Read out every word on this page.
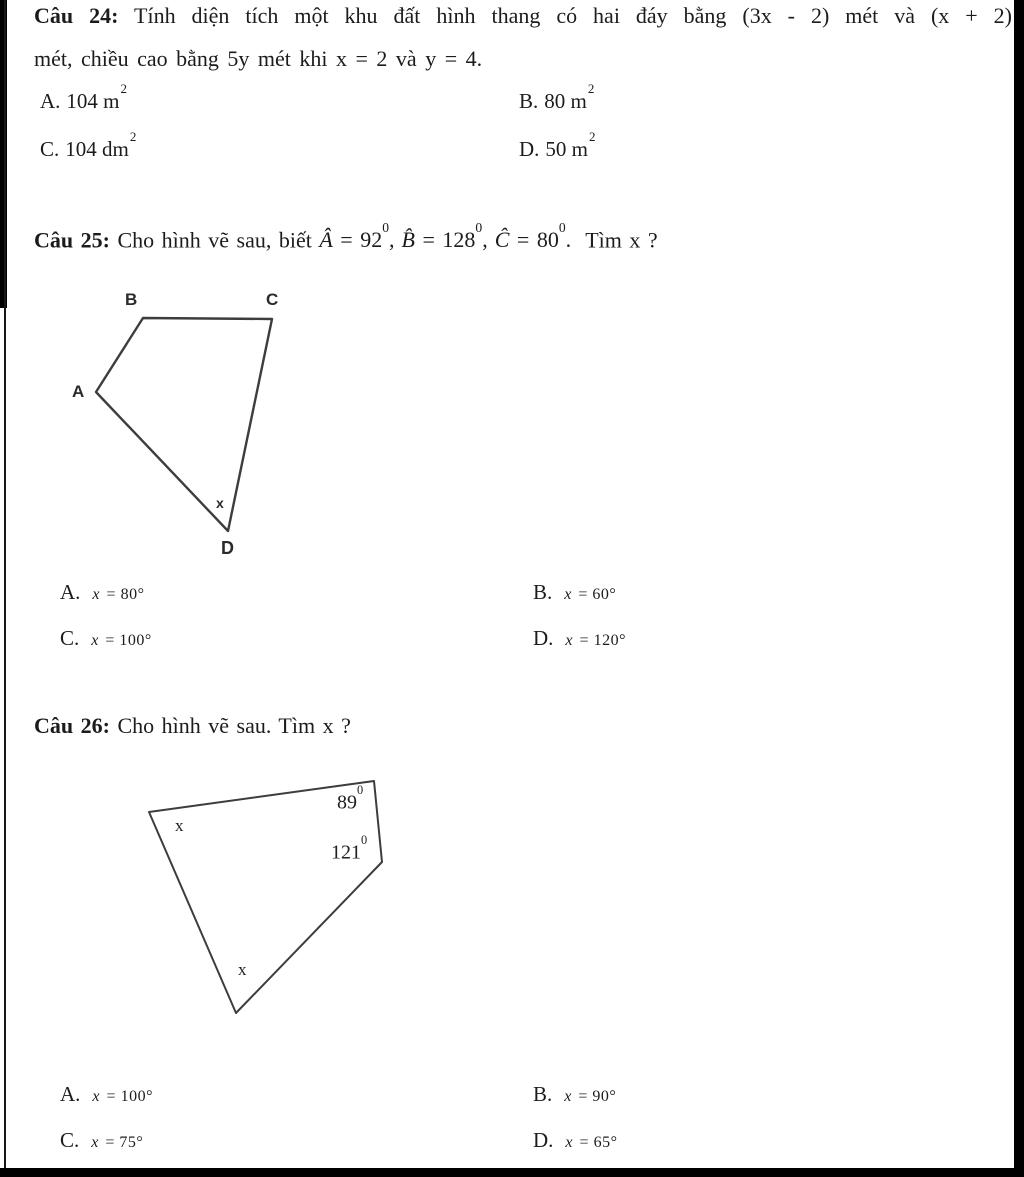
Câu 24: Tính diện tích một khu đất hình thang có hai đáy bằng (3x - 2) mét và (x + 2)
mét, chiều cao bằng 5y mét khi x = 2 và y = 4.
A. 104 $m^2$
B. 80 $m^2$
C. 104 $dm^2$
D. 50 $m^2$
Câu 25: Cho hình vẽ sau, biết Â = $92^0$, B̂ = $128^0$, Ĉ = $80^0$. Tìm x ?
B	C
A
D
x
A. x = 80°	B. x = 60°
C. x = 100°	D. x = 120°
Câu 26: Cho hình vẽ sau. Tìm x ?
x
$89^0$
$121^0$
x
A. x = 100°	B. x = 90°
C. x = 75°	D. x = 65°
